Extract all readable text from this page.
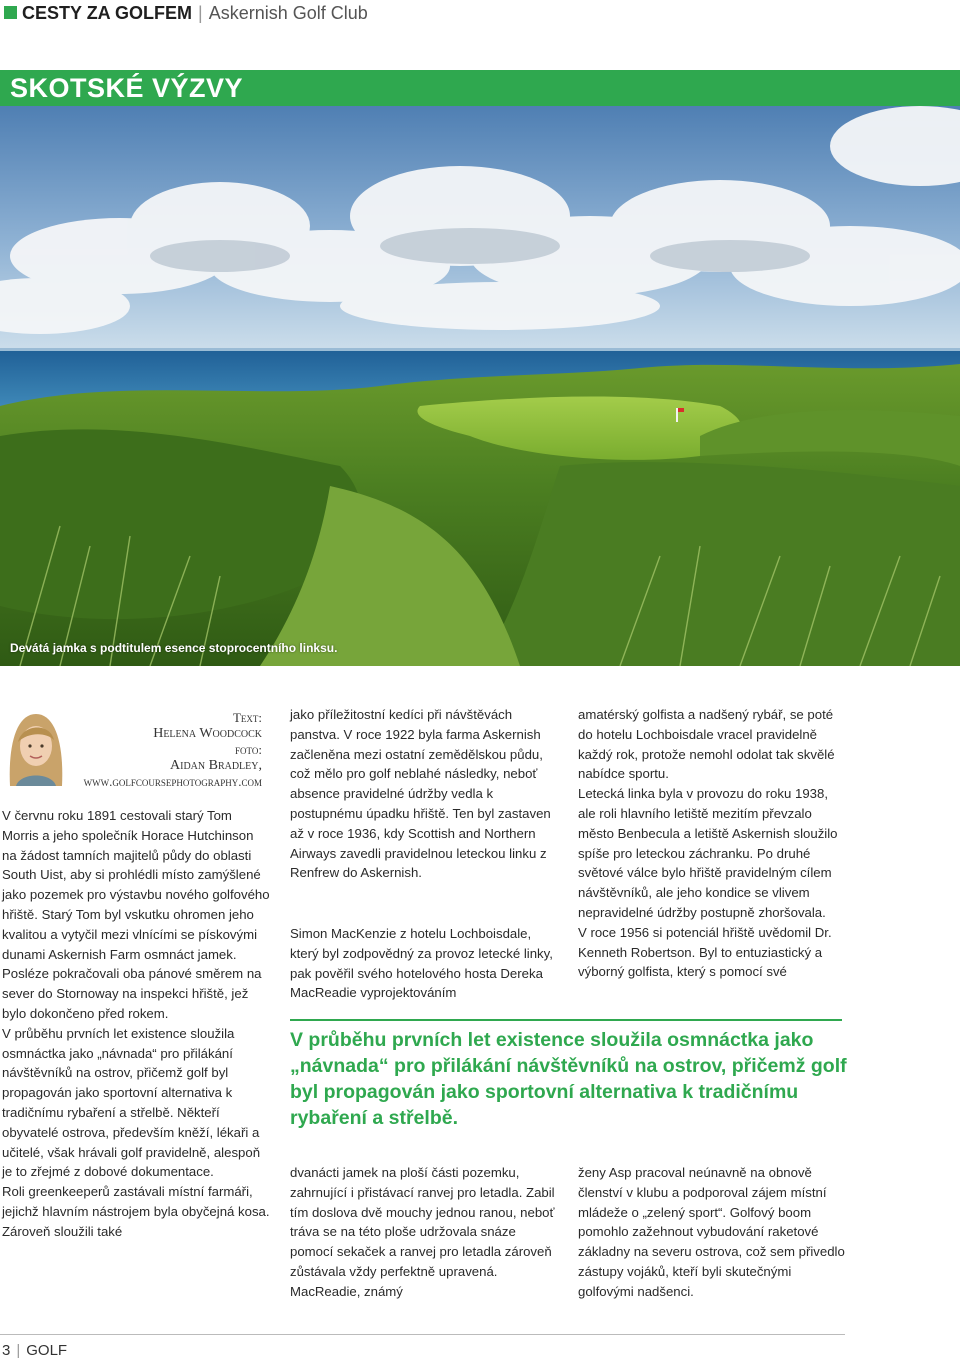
CESTY ZA GOLFEM | Askernish Golf Club
SKOTSKÉ VÝZVY
Devátá jamka s podtitulem esence stoprocentního linksu.
Text:
Helena Woodcock
foto:
Aidan Bradley,
www.golfcoursephotography.com

V červnu roku 1891 cestovali starý Tom Morris a jeho společník Horace Hutchinson na žádost tamních majitelů půdy do oblasti South Uist, aby si prohlédli místo zamýšlené jako pozemek pro výstavbu nového golfového hřiště. Starý Tom byl vskutku ohromen jeho kvalitou a vytyčil mezi vlnícími se pískovými dunami Askernish Farm osmnáct jamek. Posléze pokračovali oba pánové směrem na sever do Stornoway na inspekci hřiště, jež bylo dokončeno před rokem.

V průběhu prvních let existence sloužila osmnáctka jako „návnada“ pro přilákání návštěvníků na ostrov, přičemž golf byl propagován jako sportovní alternativa k tradičnímu rybaření a střelbě. Někteří obyvatelé ostrova, především kněží, lékaři a učitelé, však hrávali golf pravidelně, alespoň je to zřejmé z dobové dokumentace.

Roli greenkeeperů zastávali místní farmáři, jejichž hlavním nástrojem byla obyčejná kosa. Zároveň sloužili také

jako příležitostní kedíci při návštěvách panstva. V roce 1922 byla farma Askernish začleněna mezi ostatní zemědělskou půdu, což mělo pro golf neblahé následky, neboť absence pravidelné údržby vedla k postupnému úpadku hřiště. Ten byl zastaven až v roce 1936, kdy Scottish and Northern Airways zavedli pravidelnou leteckou linku z Renfrew do Askernish.

Simon MacKenzie z hotelu Lochboisdale, který byl zodpovědný za provoz letecké linky, pak pověřil svého hotelového hosta Dereka MacReadie vyprojektováním

amatérský golfista a nadšený rybář, se poté do hotelu Lochboisdale vracel pravidelně každý rok, protože nemohl odolat tak skvělé nabídce sportu.

Letecká linka byla v provozu do roku 1938, ale roli hlavního letiště mezitím převzalo město Benbecula a letiště Askernish sloužilo spíše pro leteckou záchranku. Po druhé světové válce bylo hřiště pravidelným cílem návštěvníků, ale jeho kondice se vlivem nepravidelné údržby postupně zhoršovala.

V roce 1956 si potenciál hřiště uvědomil Dr. Kenneth Robertson. Byl to entuziastický a výborný golfista, který s pomocí své

V průběhu prvních let existence sloužila osmnáctka jako „návnada“ pro přilákání návštěvníků na ostrov, přičemž golf byl propagován jako sportovní alternativa k tradičnímu rybaření a střelbě.

dvanácti jamek na ploší části pozemku, zahrnující i přistávací ranvej pro letadla. Zabil tím doslova dvě mouchy jednou ranou, neboť tráva se na této ploše udržovala snáze pomocí sekaček a ranvej pro letadla zároveň zůstávala vždy perfektně upravená. MacReadie, známý

ženy Asp pracoval neúnavně na obnově členství v klubu a podporoval zájem místní mládeže o „zelený sport“. Golfový boom pomohlo zažehnout vybudování raketové základny na severu ostrova, což sem přivedlo zástupy vojáků, kteří byli skutečnými golfovými nadšenci.

3 | GOLF
